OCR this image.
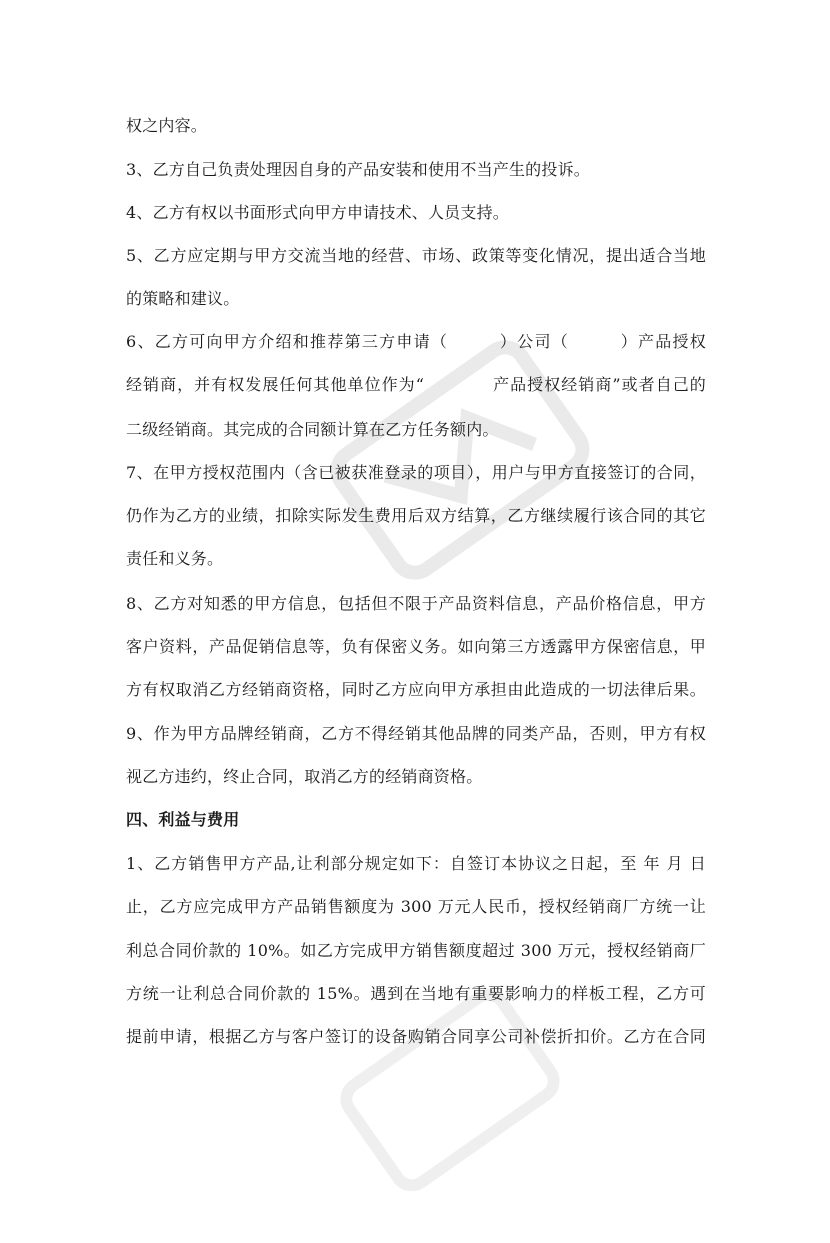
权之内容。
3、乙方自己负责处理因自身的产品安装和使用不当产生的投诉。
4、乙方有权以书面形式向甲方申请技术、人员支持。
5、乙方应定期与甲方交流当地的经营、市场、政策等变化情况，提出适合当地
的策略和建议。
6、乙方可向甲方介绍和推荐第三方申请（　　　）公司（　　　）产品授权
经销商，并有权发展任何其他单位作为“　　　　产品授权经销商”或者自己的
二级经销商。其完成的合同额计算在乙方任务额内。
7、在甲方授权范围内（含已被获准登录的项目），用户与甲方直接签订的合同，
仍作为乙方的业绩，扣除实际发生费用后双方结算，乙方继续履行该合同的其它
责任和义务。
8、乙方对知悉的甲方信息，包括但不限于产品资料信息，产品价格信息，甲方
客户资料，产品促销信息等，负有保密义务。如向第三方透露甲方保密信息，甲
方有权取消乙方经销商资格，同时乙方应向甲方承担由此造成的一切法律后果。
9、作为甲方品牌经销商，乙方不得经销其他品牌的同类产品，否则，甲方有权
视乙方违约，终止合同，取消乙方的经销商资格。
四、利益与费用
1、乙方销售甲方产品,让利部分规定如下：自签订本协议之日起，至 年 月 日
止，乙方应完成甲方产品销售额度为 300 万元人民币，授权经销商厂方统一让
利总合同价款的 10%。如乙方完成甲方销售额度超过 300 万元，授权经销商厂
方统一让利总合同价款的 15%。遇到在当地有重要影响力的样板工程，乙方可
提前申请，根据乙方与客户签订的设备购销合同享公司补偿折扣价。乙方在合同
